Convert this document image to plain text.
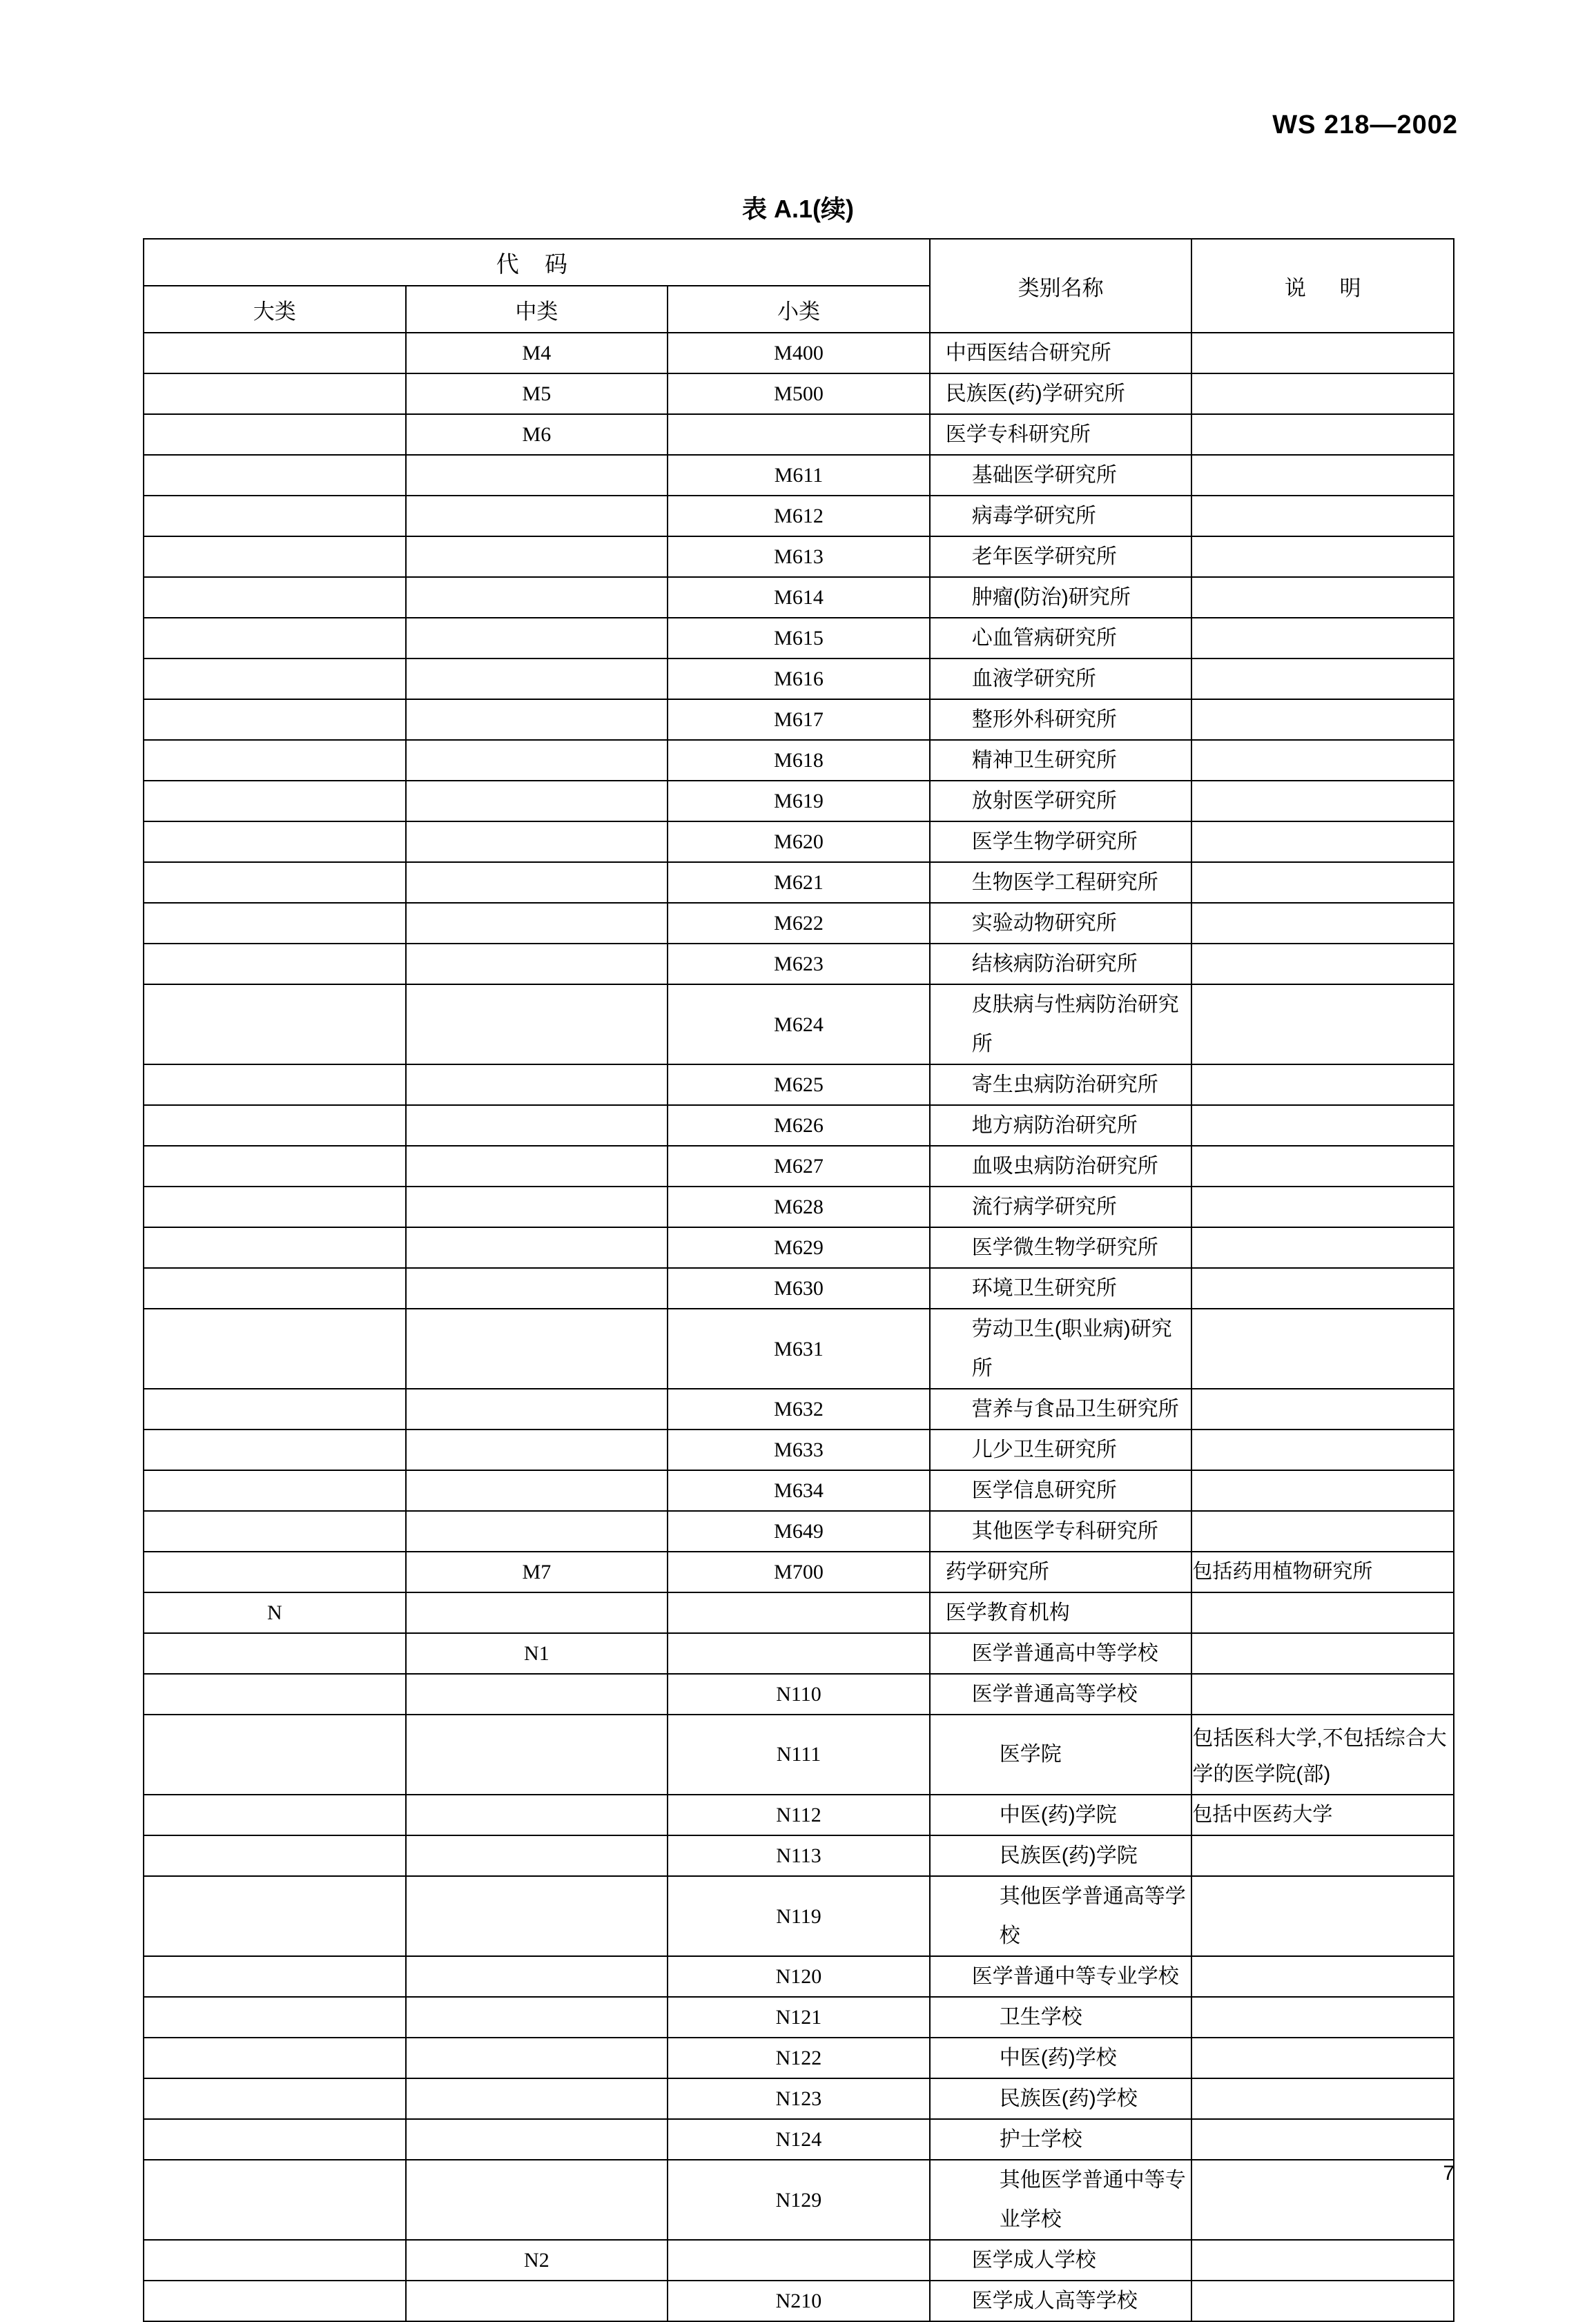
WS 218—2002
表 A.1(续)
代 码			类别名称	说 明
大类	中类	小类		
	M4	M400	中西医结合研究所	

	M5	M500	民族医(药)学研究所	

	M6		医学专科研究所	

		M611	基础医学研究所	

		M612	病毒学研究所	

		M613	老年医学研究所	

		M614	肿瘤(防治)研究所	

		M615	心血管病研究所	

		M616	血液学研究所	

		M617	整形外科研究所	

		M618	精神卫生研究所	

		M619	放射医学研究所	

		M620	医学生物学研究所	

		M621	生物医学工程研究所	

		M622	实验动物研究所	

		M623	结核病防治研究所	

		M624	皮肤病与性病防治研究所	

		M625	寄生虫病防治研究所	

		M626	地方病防治研究所	

		M627	血吸虫病防治研究所	

		M628	流行病学研究所	

		M629	医学微生物学研究所	

		M630	环境卫生研究所	

		M631	劳动卫生(职业病)研究所	

		M632	营养与食品卫生研究所	

		M633	儿少卫生研究所	

		M634	医学信息研究所	

		M649	其他医学专科研究所	

	M7	M700	药学研究所	包括药用植物研究所

N			医学教育机构	

	N1		医学普通高中等学校	

		N110	医学普通高等学校	

		N111	医学院	包括医科大学,不包括综合大学的医学院(部)

		N112	中医(药)学院	包括中医药大学

		N113	民族医(药)学院	

		N119	其他医学普通高等学校	

		N120	医学普通中等专业学校	

		N121	卫生学校	

		N122	中医(药)学校	

		N123	民族医(药)学校	

		N124	护士学校	

		N129	其他医学普通中等专业学校	

	N2		医学成人学校	

		N210	医学成人高等学校	

7
